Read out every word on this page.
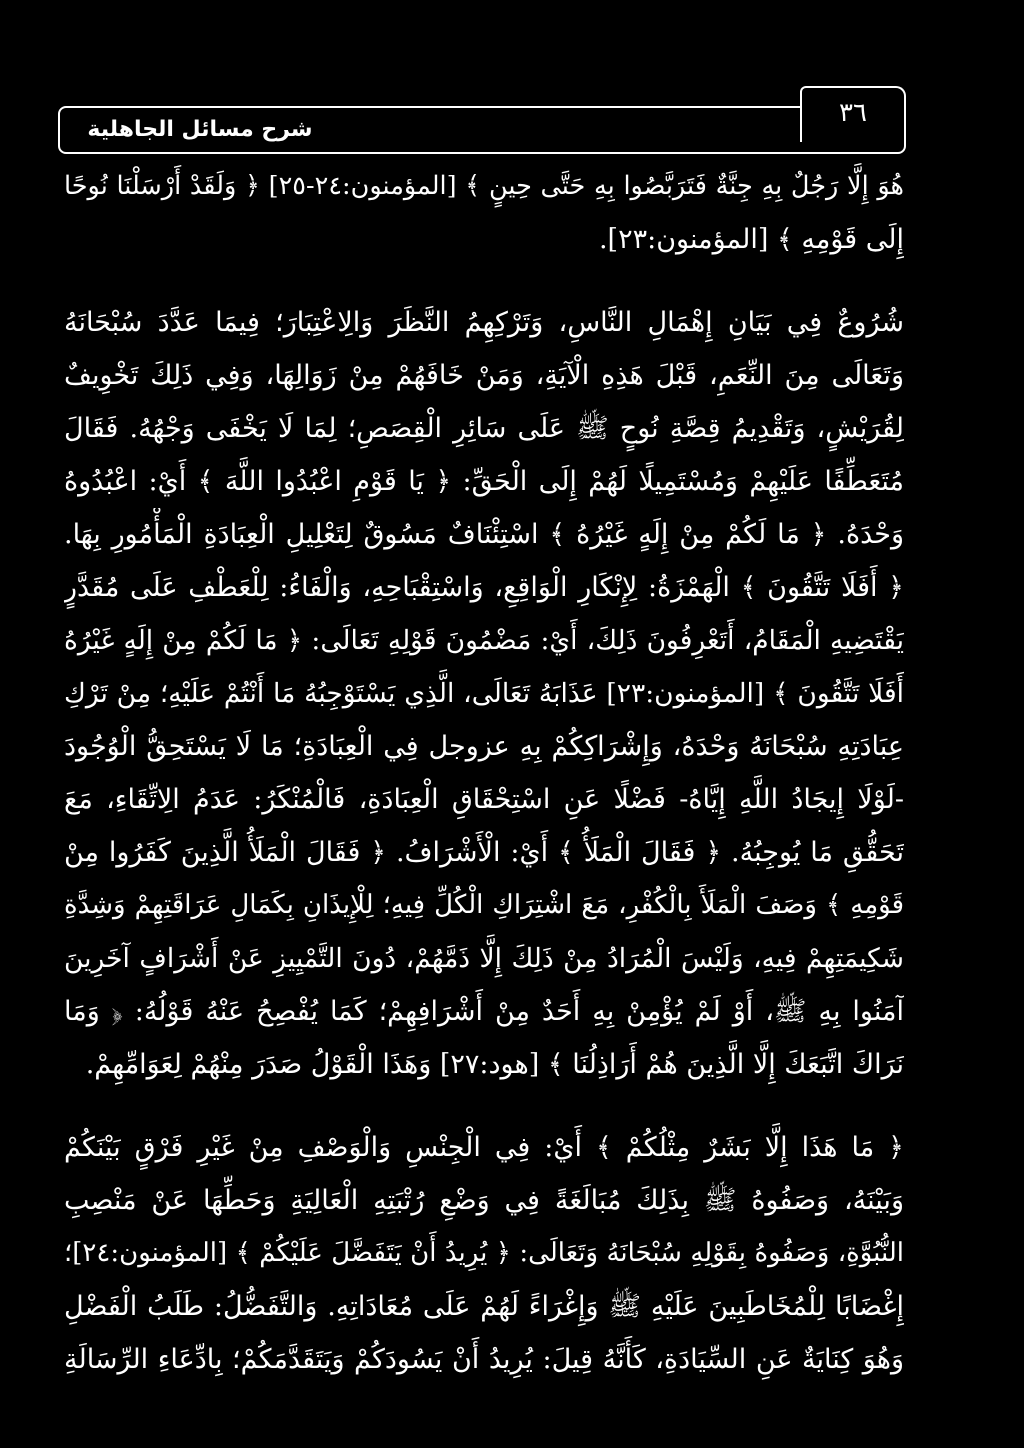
٣٦
شرح مسائل الجاهلية
هُوَ إِلَّا رَجُلٌ بِهِ جِنَّةٌ فَتَرَبَّصُوا بِهِ حَتَّى حِينٍ ﴾ [المؤمنون:٢٤-٢٥] ﴿ وَلَقَدْ أَرْسَلْنَا نُوحًا
إِلَى قَوْمِهِ ﴾ [المؤمنون:٢٣].
شُرُوعٌ فِي بَيَانِ إِهْمَالِ النَّاسِ، وَتَرْكِهِمُ النَّظَرَ وَالِاعْتِبَارَ؛ فِيمَا عَدَّدَ سُبْحَانَهُ
وَتَعَالَى مِنَ النِّعَمِ، قَبْلَ هَذِهِ الْآيَةِ، وَمَنْ خَافَهُمْ مِنْ زَوَالِهَا، وَفِي ذَلِكَ تَخْوِيفٌ
لِقُرَيْشٍ، وَتَقْدِيمُ قِصَّةِ نُوحٍ ﷺ عَلَى سَائِرِ الْقِصَصِ؛ لِمَا لَا يَخْفَى وَجْهُهُ. فَقَالَ
مُتَعَطِّفًا عَلَيْهِمْ وَمُسْتَمِيلًا لَهُمْ إِلَى الْحَقِّ: ﴿ يَا قَوْمِ اعْبُدُوا اللَّهَ ﴾ أَيْ: اعْبُدُوهُ
وَحْدَهُ. ﴿ مَا لَكُمْ مِنْ إِلَهٍ غَيْرُهُ ﴾ اسْتِئْنَافٌ مَسُوقٌ لِتَعْلِيلِ الْعِبَادَةِ الْمَأْمُورِ بِهَا.
﴿ أَفَلَا تَتَّقُونَ ﴾ الْهَمْزَةُ: لِإِنْكَارِ الْوَاقِعِ، وَاسْتِقْبَاحِهِ، وَالْفَاءُ: لِلْعَطْفِ عَلَى مُقَدَّرٍ
يَقْتَضِيهِ الْمَقَامُ، أَتَعْرِفُونَ ذَلِكَ، أَيْ: مَضْمُونَ قَوْلِهِ تَعَالَى: ﴿ مَا لَكُمْ مِنْ إِلَهٍ غَيْرُهُ
أَفَلَا تَتَّقُونَ ﴾ [المؤمنون:٢٣] عَذَابَهُ تَعَالَى، الَّذِي يَسْتَوْجِبُهُ مَا أَنْتُمْ عَلَيْهِ؛ مِنْ تَرْكِ
عِبَادَتِهِ سُبْحَانَهُ وَحْدَهُ، وَإِشْرَاكِكُمْ بِهِ عزوجل فِي الْعِبَادَةِ؛ مَا لَا يَسْتَحِقُّ الْوُجُودَ
-لَوْلَا إِيجَادُ اللَّهِ إِيَّاهُ- فَضْلًا عَنِ اسْتِحْقَاقِ الْعِبَادَةِ، فَالْمُنْكَرُ: عَدَمُ الِاتِّقَاءِ، مَعَ
تَحَقُّقِ مَا يُوجِبُهُ. ﴿ فَقَالَ الْمَلَأُ ﴾ أَيْ: الْأَشْرَافُ. ﴿ فَقَالَ الْمَلَأُ الَّذِينَ كَفَرُوا مِنْ
قَوْمِهِ ﴾ وَصَفَ الْمَلَأَ بِالْكُفْرِ، مَعَ اشْتِرَاكِ الْكُلِّ فِيهِ؛ لِلْإِيذَانِ بِكَمَالِ عَرَاقَتِهِمْ وَشِدَّةِ
شَكِيمَتِهِمْ فِيهِ، وَلَيْسَ الْمُرَادُ مِنْ ذَلِكَ إِلَّا ذَمَّهُمْ، دُونَ التَّمْيِيزِ عَنْ أَشْرَافٍ آخَرِينَ
آمَنُوا بِهِ ﷺ، أَوْ لَمْ يُؤْمِنْ بِهِ أَحَدٌ مِنْ أَشْرَافِهِمْ؛ كَمَا يُفْصِحُ عَنْهُ قَوْلُهُ: ﴿ وَمَا
نَرَاكَ اتَّبَعَكَ إِلَّا الَّذِينَ هُمْ أَرَاذِلُنَا ﴾ [هود:٢٧] وَهَذَا الْقَوْلُ صَدَرَ مِنْهُمْ لِعَوَامِّهِمْ.
﴿ مَا هَذَا إِلَّا بَشَرٌ مِثْلُكُمْ ﴾ أَيْ: فِي الْجِنْسِ وَالْوَصْفِ مِنْ غَيْرِ فَرْقٍ بَيْنَكُمْ
وَبَيْنَهُ، وَصَفُوهُ ﷺ بِذَلِكَ مُبَالَغَةً فِي وَضْعِ رُتْبَتِهِ الْعَالِيَةِ وَحَطِّهَا عَنْ مَنْصِبِ
النُّبُوَّةِ، وَصَفُوهُ بِقَوْلِهِ سُبْحَانَهُ وَتَعَالَى: ﴿ يُرِيدُ أَنْ يَتَفَضَّلَ عَلَيْكُمْ ﴾ [المؤمنون:٢٤]؛
إِغْضَابًا لِلْمُخَاطَبِينَ عَلَيْهِ ﷺ وَإِغْرَاءً لَهُمْ عَلَى مُعَادَاتِهِ. وَالتَّفَضُّلُ: طَلَبُ الْفَضْلِ
وَهُوَ كِنَايَةٌ عَنِ السِّيَادَةِ، كَأَنَّهُ قِيلَ: يُرِيدُ أَنْ يَسُودَكُمْ وَيَتَقَدَّمَكُمْ؛ بِادِّعَاءِ الرِّسَالَةِ
